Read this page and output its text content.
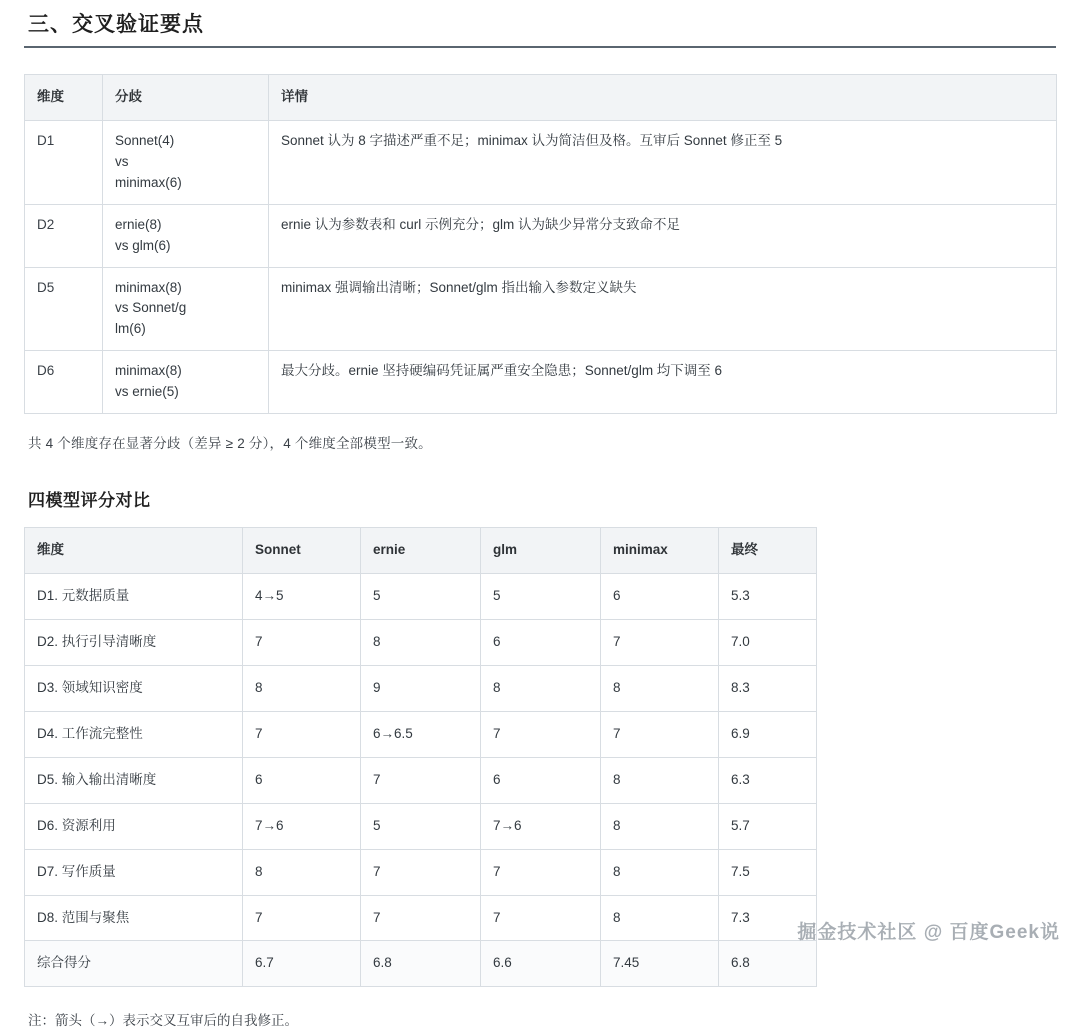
三、交叉验证要点
维度	分歧	详情
D1	Sonnet(4)
vs
minimax(6)	Sonnet 认为 8 字描述严重不足；minimax 认为简洁但及格。互审后 Sonnet 修正至 5
D2	ernie(8)
vs glm(6)	ernie 认为参数表和 curl 示例充分；glm 认为缺少异常分支致命不足
D5	minimax(8)
vs Sonnet/g
lm(6)	minimax 强调输出清晰；Sonnet/glm 指出输入参数定义缺失
D6	minimax(8)
vs ernie(5)	最大分歧。ernie 坚持硬编码凭证属严重安全隐患；Sonnet/glm 均下调至 6

共 4 个维度存在显著分歧（差异 ≥ 2 分），4 个维度全部模型一致。

四模型评分对比
维度	Sonnet	ernie	glm	minimax	最终
D1. 元数据质量	4→5	5	5	6	5.3
D2. 执行引导清晰度	7	8	6	7	7.0
D3. 领域知识密度	8	9	8	8	8.3
D4. 工作流完整性	7	6→6.5	7	7	6.9
D5. 输入输出清晰度	6	7	6	8	6.3
D6. 资源利用	7→6	5	7→6	8	5.7
D7. 写作质量	8	7	7	8	7.5
D8. 范围与聚焦	7	7	7	8	7.3
综合得分	6.7	6.8	6.6	7.45	6.8

注：箭头（→）表示交叉互审后的自我修正。

掘金技术社区 @ 百度Geek说
